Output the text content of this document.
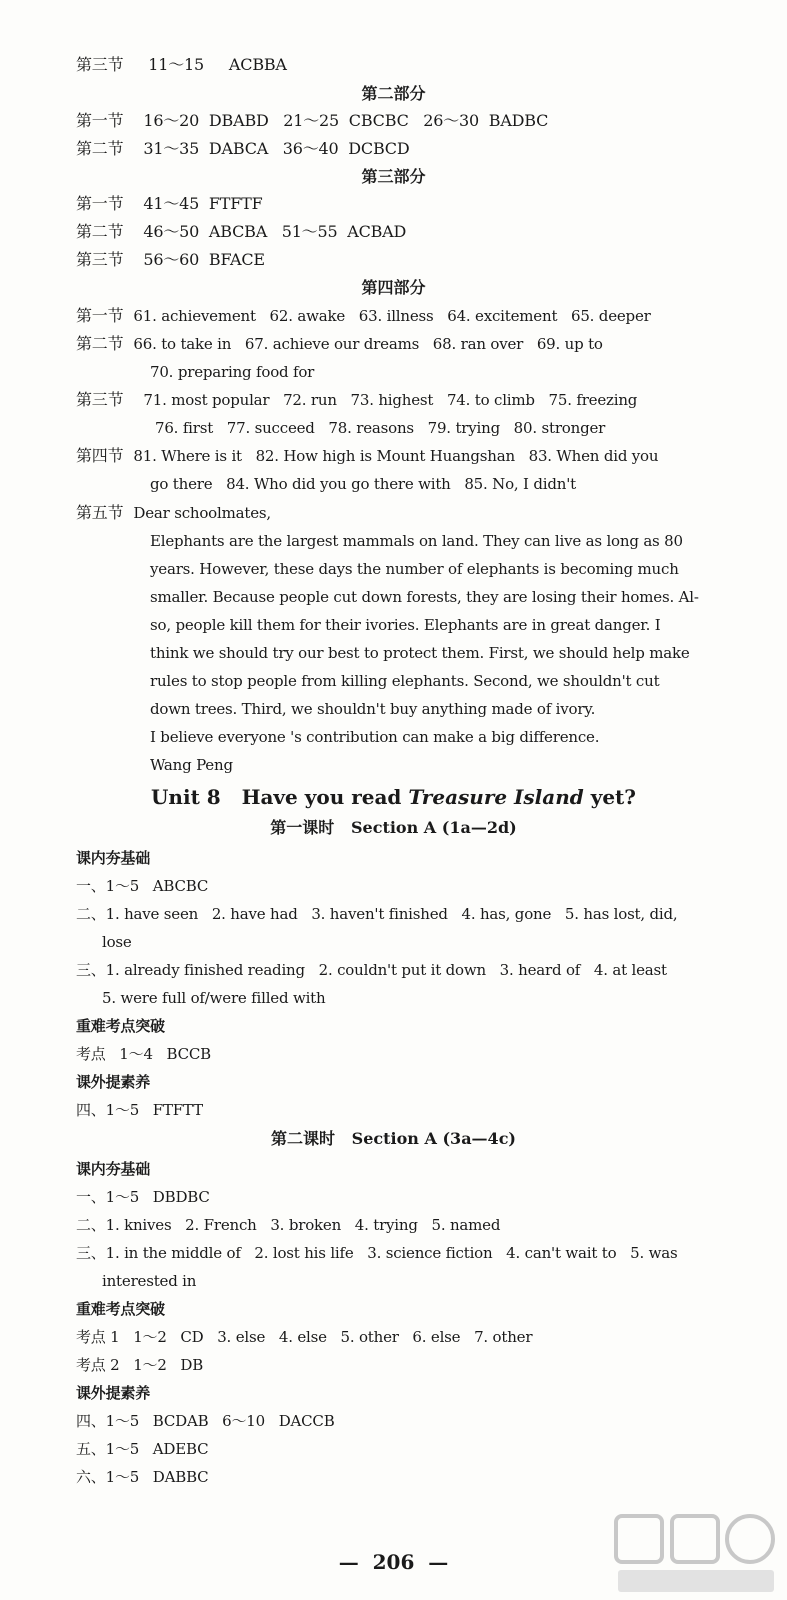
第三节 11～15 ACBBA
第二部分
第一节 16～20  DBABD   21～25  CBCBC   26～30  BADBC
第二节 31～35  DABCA   36～40  DCBCD
第三部分
第一节 41～45  FTFTF
第二节 46～50  ABCBA   51～55  ACBAD
第三节 56～60  BFACE
第四部分
第一节 61. achievement   62. awake   63. illness   64. excitement   65. deeper
第二节 66. to take in   67. achieve our dreams   68. ran over   69. up to
70. preparing food for
第三节 71. most popular   72. run   73. highest   74. to climb   75. freezing
76. first   77. succeed   78. reasons   79. trying   80. stronger
第四节 81. Where is it   82. How high is Mount Huangshan   83. When did you
go there   84. Who did you go there with   85. No, I didn't
第五节 Dear schoolmates,
Elephants are the largest mammals on land. They can live as long as 80
years. However, these days the number of elephants is becoming much
smaller. Because people cut down forests, they are losing their homes. Al-
so, people kill them for their ivories. Elephants are in great danger. I
think we should try our best to protect them. First, we should help make
rules to stop people from killing elephants. Second, we shouldn't cut
down trees. Third, we shouldn't buy anything made of ivory.
I believe everyone 's contribution can make a big difference.
Wang Peng
Unit 8   Have you read Treasure Island yet?
第一课时   Section A (1a—2d)
课内夯基础
一、1～5   ABCBC
二、1. have seen   2. have had   3. haven't finished   4. has, gone   5. has lost, did,
lose
三、1. already finished reading   2. couldn't put it down   3. heard of   4. at least
5. were full of/were filled with
重难考点突破
考点   1～4   BCCB
课外提素养
四、1～5   FTFTT
第二课时   Section A (3a—4c)
课内夯基础
一、1～5   DBDBC
二、1. knives   2. French   3. broken   4. trying   5. named
三、1. in the middle of   2. lost his life   3. science fiction   4. can't wait to   5. was
interested in
重难考点突破
考点 1   1～2   CD   3. else   4. else   5. other   6. else   7. other
考点 2   1～2   DB
课外提素养
四、1～5   BCDAB   6～10   DACCB
五、1～5   ADEBC
六、1～5   DABBC
—  206  —
